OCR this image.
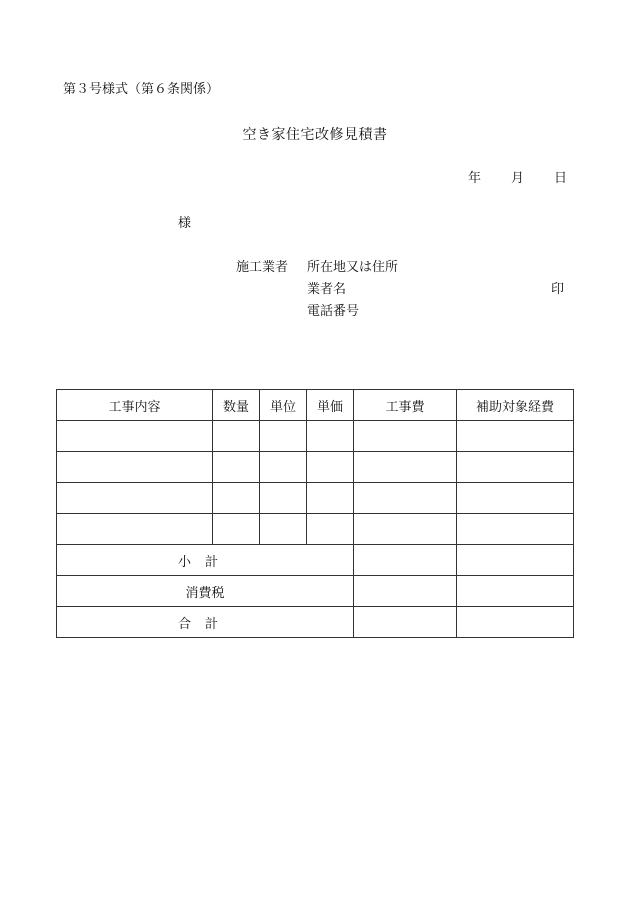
第３号様式（第６条関係）
空き家住宅改修見積書
年 月 日
様
施工業者 所在地又は住所
業者名	印
電話番号
工事内容	数量	単位	単価	工事費	補助対象経費

小計					
消費税					
合計					
